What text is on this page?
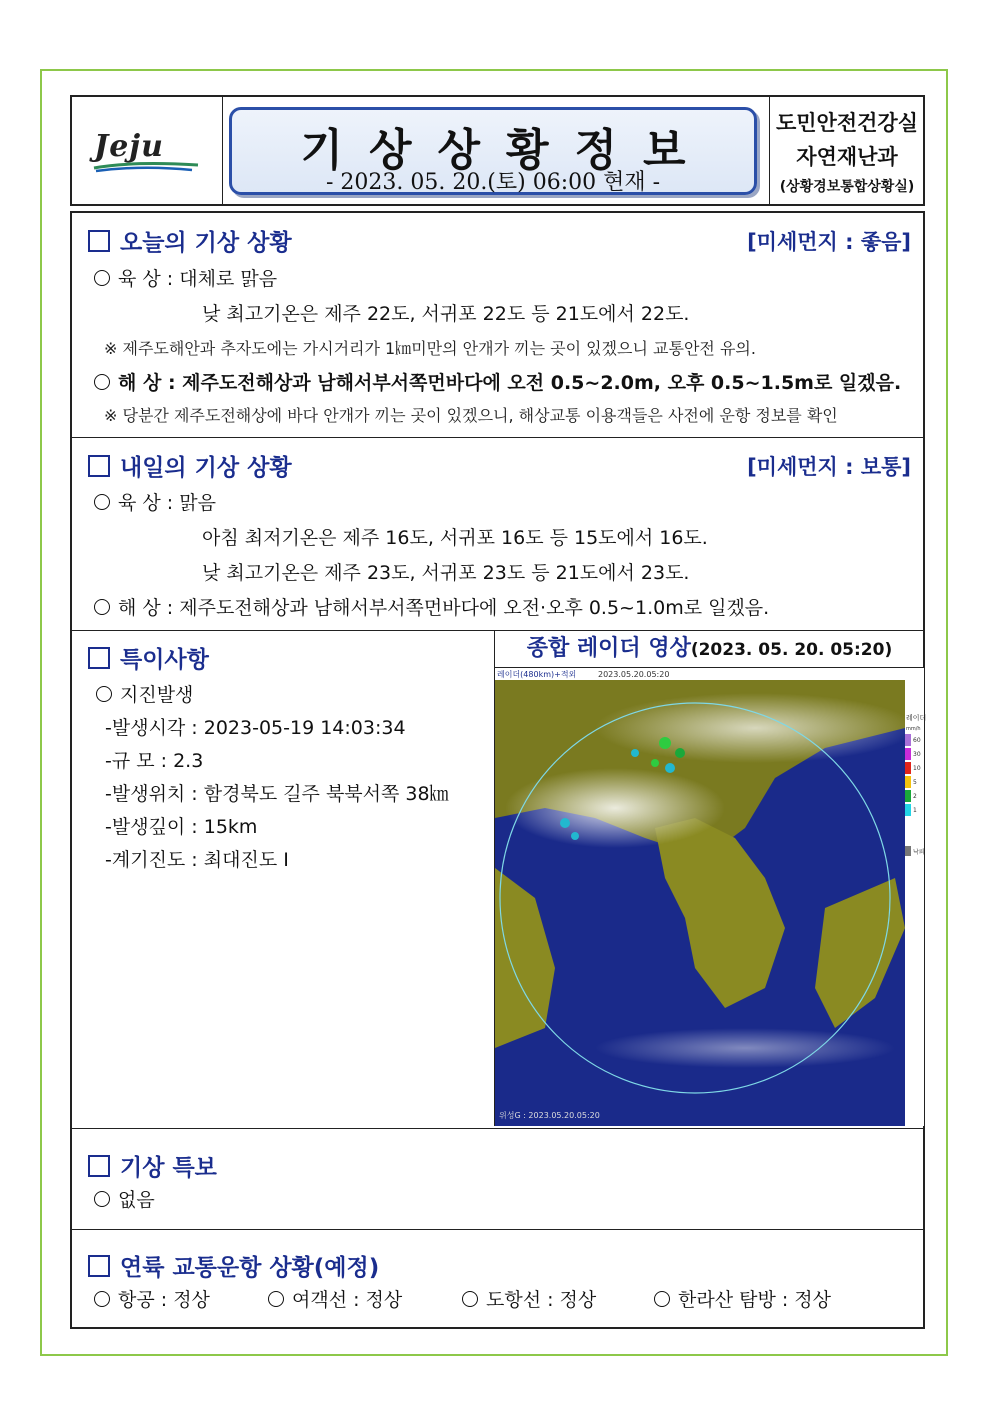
Jeju	기상상황정보
- 2023. 05. 20.(토) 06:00 현재 -
도민안전건강실
자연재난과
(상황경보통합상황실)
오늘의 기상 상황	[미세먼지 : 좋음]
육 상 : 대체로 맑음
낮 최고기온은 제주 22도, 서귀포 22도 등 21도에서 22도.
※ 제주도해안과 추자도에는 가시거리가 1㎞미만의 안개가 끼는 곳이 있겠으니 교통안전 유의.
해 상 : 제주도전해상과 남해서부서쪽먼바다에 오전 0.5~2.0m, 오후 0.5~1.5m로 일겠음.
※ 당분간 제주도전해상에 바다 안개가 끼는 곳이 있겠으니, 해상교통 이용객들은 사전에 운항 정보를 확인
내일의 기상 상황	[미세먼지 : 보통]
육 상 : 맑음
아침 최저기온은 제주 16도, 서귀포 16도 등 15도에서 16도.
낮 최고기온은 제주 23도, 서귀포 23도 등 21도에서 23도.
해 상 : 제주도전해상과 남해서부서쪽먼바다에 오전·오후 0.5~1.0m로 일겠음.
특이사항
지진발생
-발생시각 : 2023-05-19 14:03:34
-규 모 : 2.3
-발생위치 : 함경북도 길주 북북서쪽 38㎞
-발생깊이 : 15km
-계기진도 : 최대진도 Ⅰ
종합 레이더 영상(2023. 05. 20. 05:20)
레이더(480km)+적외	2023.05.20.05:20
위성G : 2023.05.20.05:20
레이더
mm/h
60
30
10
5
2
1
낙뢰
기상 특보
없음
연륙 교통운항 상황(예정)
항공 : 정상	여객선 : 정상	도항선 : 정상	한라산 탐방 : 정상
